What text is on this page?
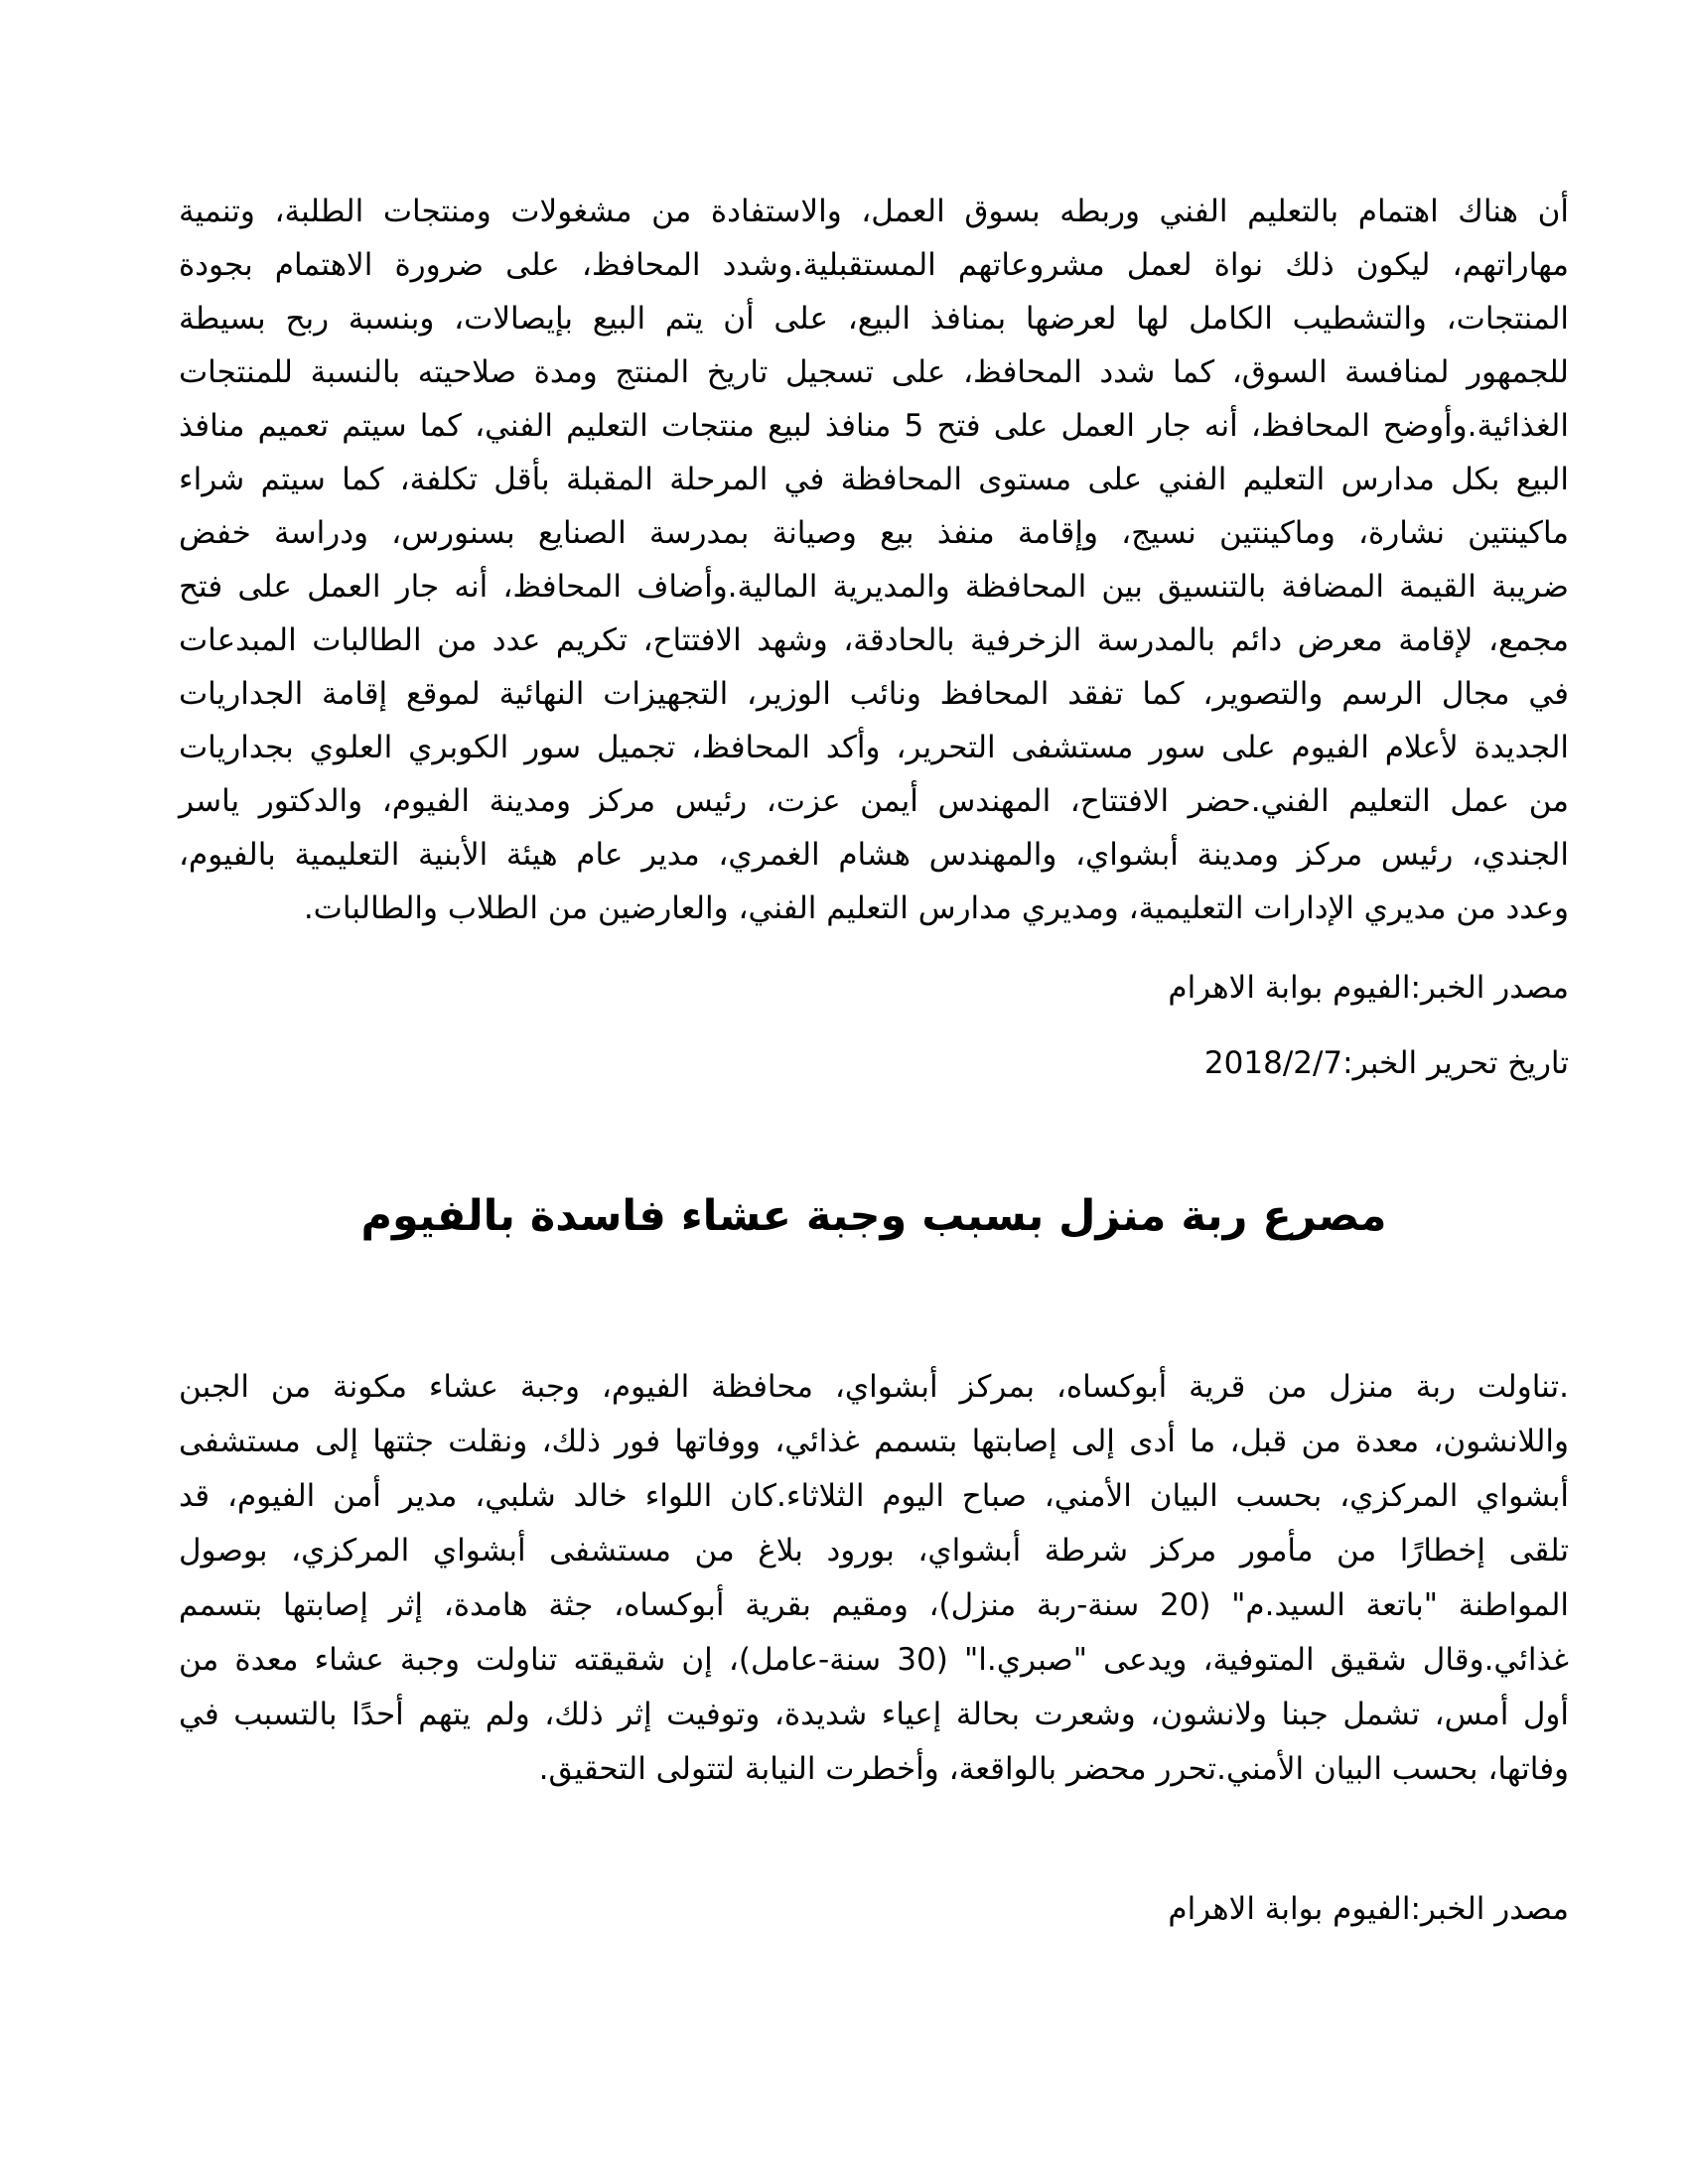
أن هناك اهتمام بالتعليم الفني وربطه بسوق العمل، والاستفادة من مشغولات ومنتجات الطلبة، وتنمية
مهاراتهم، ليكون ذلك نواة لعمل مشروعاتهم المستقبلية.وشدد المحافظ، على ضرورة الاهتمام بجودة
المنتجات، والتشطيب الكامل لها لعرضها بمنافذ البيع، على أن يتم البيع بإيصالات، وبنسبة ربح بسيطة
للجمهور لمنافسة السوق، كما شدد المحافظ، على تسجيل تاريخ المنتج ومدة صلاحيته بالنسبة للمنتجات
الغذائية.وأوضح المحافظ، أنه جار العمل على فتح 5 منافذ لبيع منتجات التعليم الفني، كما سيتم تعميم منافذ
البيع بكل مدارس التعليم الفني على مستوى المحافظة في المرحلة المقبلة بأقل تكلفة، كما سيتم شراء
ماكينتين نشارة، وماكينتين نسيج، وإقامة منفذ بيع وصيانة بمدرسة الصنايع بسنورس، ودراسة خفض
ضريبة القيمة المضافة بالتنسيق بين المحافظة والمديرية المالية.وأضاف المحافظ، أنه جار العمل على فتح
مجمع، لإقامة معرض دائم بالمدرسة الزخرفية بالحادقة، وشهد الافتتاح، تكريم عدد من الطالبات المبدعات
في مجال الرسم والتصوير، كما تفقد المحافظ ونائب الوزير، التجهيزات النهائية لموقع إقامة الجداريات
الجديدة لأعلام الفيوم على سور مستشفى التحرير، وأكد المحافظ، تجميل سور الكوبري العلوي بجداريات
من عمل التعليم الفني.حضر الافتتاح، المهندس أيمن عزت، رئيس مركز ومدينة الفيوم، والدكتور ياسر
الجندي، رئيس مركز ومدينة أبشواي، والمهندس هشام الغمري، مدير عام هيئة الأبنية التعليمية بالفيوم،
وعدد من مديري الإدارات التعليمية، ومديري مدارس التعليم الفني، والعارضين من الطلاب والطالبات.
مصدر الخبر:الفيوم بوابة الاهرام
تاريخ تحرير الخبر:2018/2/7
مصرع ربة منزل بسبب وجبة عشاء فاسدة بالفيوم
.تناولت ربة منزل من قرية أبوكساه، بمركز أبشواي، محافظة الفيوم، وجبة عشاء مكونة من الجبن
واللانشون، معدة من قبل، ما أدى إلى إصابتها بتسمم غذائي، ووفاتها فور ذلك، ونقلت جثتها إلى مستشفى
أبشواي المركزي، بحسب البيان الأمني، صباح اليوم الثلاثاء.كان اللواء خالد شلبي، مدير أمن الفيوم، قد
تلقى إخطارًا من مأمور مركز شرطة أبشواي، بورود بلاغ من مستشفى أبشواي المركزي، بوصول
المواطنة "باتعة السيد.م" (20 سنة-ربة منزل)، ومقيم بقرية أبوكساه، جثة هامدة، إثر إصابتها بتسمم
غذائي.وقال شقيق المتوفية، ويدعى "صبري.ا" (30 سنة-عامل)، إن شقيقته تناولت وجبة عشاء معدة من
أول أمس، تشمل جبنا ولانشون، وشعرت بحالة إعياء شديدة، وتوفيت إثر ذلك، ولم يتهم أحدًا بالتسبب في
وفاتها، بحسب البيان الأمني.تحرر محضر بالواقعة، وأخطرت النيابة لتتولى التحقيق.
مصدر الخبر:الفيوم بوابة الاهرام
